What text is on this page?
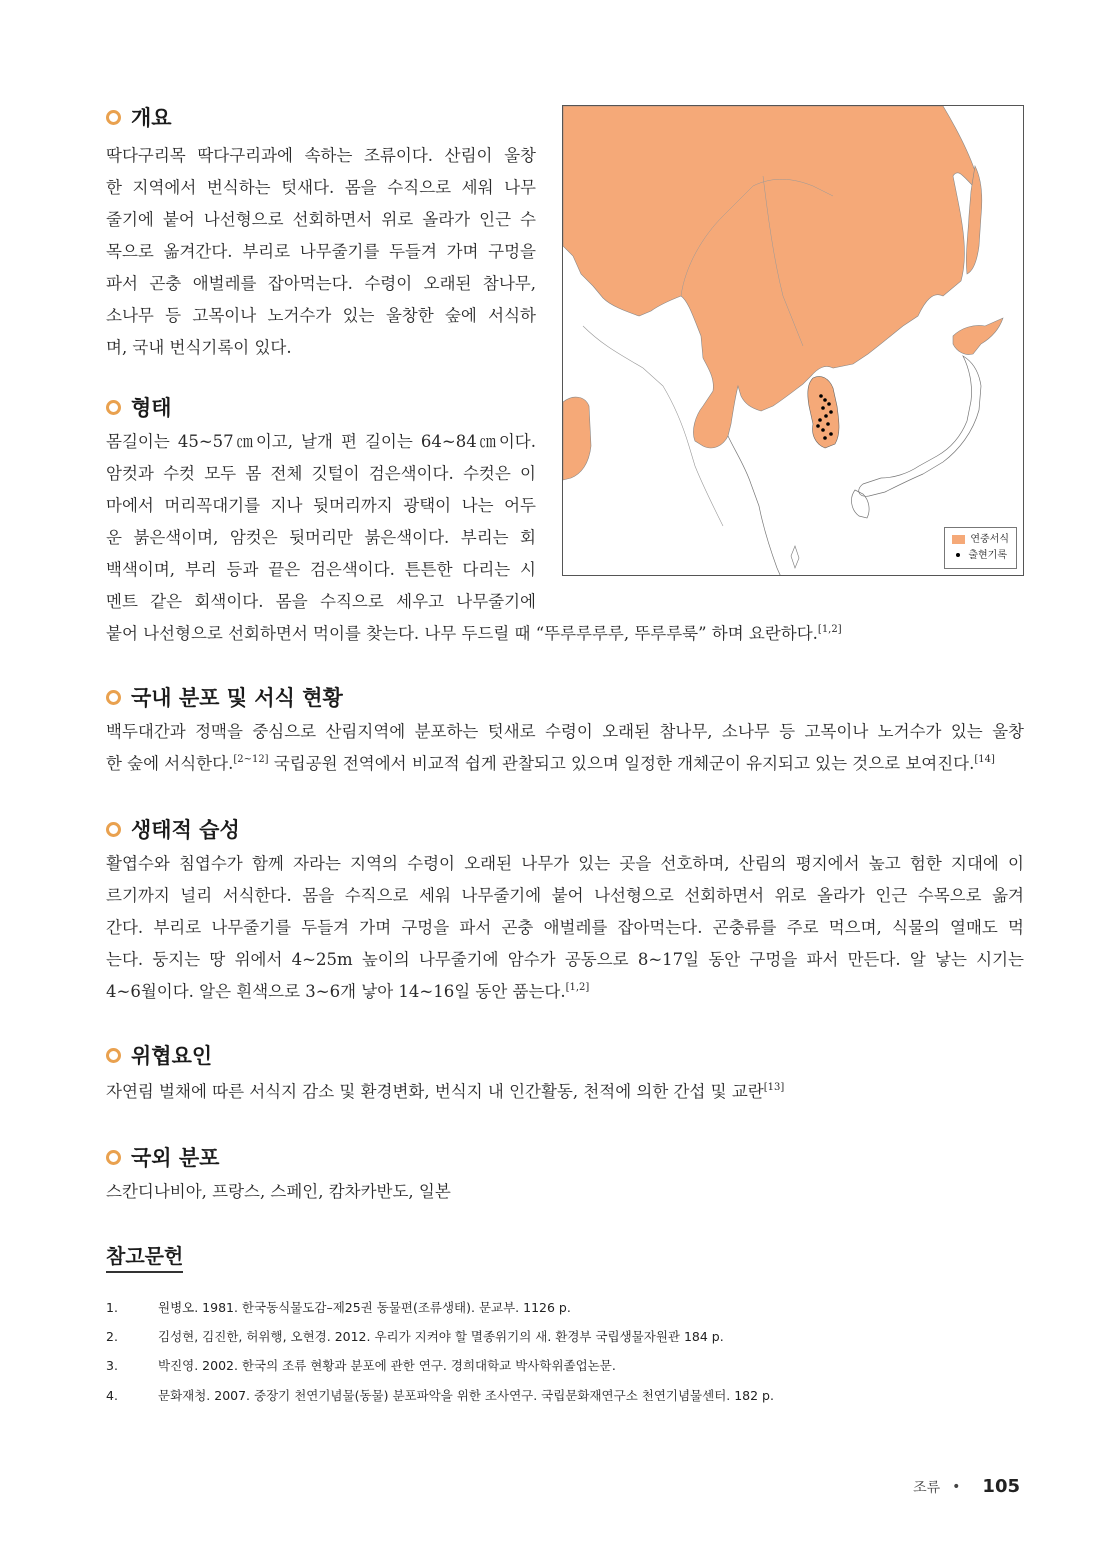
개요
딱다구리목 딱다구리과에 속하는 조류이다. 산림이 울창
한 지역에서 번식하는 텃새다. 몸을 수직으로 세워 나무
줄기에 붙어 나선형으로 선회하면서 위로 올라가 인근 수
목으로 옮겨간다. 부리로 나무줄기를 두들겨 가며 구멍을
파서 곤충 애벌레를 잡아먹는다. 수령이 오래된 참나무,
소나무 등 고목이나 노거수가 있는 울창한 숲에 서식하
며, 국내 번식기록이 있다.
형태
몸길이는 45~57㎝이고, 날개 편 길이는 64~84㎝이다.
암컷과 수컷 모두 몸 전체 깃털이 검은색이다. 수컷은 이
마에서 머리꼭대기를 지나 뒷머리까지 광택이 나는 어두
운 붉은색이며, 암컷은 뒷머리만 붉은색이다. 부리는 회
백색이며, 부리 등과 끝은 검은색이다. 튼튼한 다리는 시
멘트 같은 회색이다. 몸을 수직으로 세우고 나무줄기에
붙어 나선형으로 선회하면서 먹이를 찾는다. 나무 두드릴 때 “뚜루루루루, 뚜루루룩” 하며 요란하다.[1,2]
연중서식
출현기록
국내 분포 및 서식 현황
백두대간과 정맥을 중심으로 산림지역에 분포하는 텃새로 수령이 오래된 참나무, 소나무 등 고목이나 노거수가 있는 울창
한 숲에 서식한다.[2~12] 국립공원 전역에서 비교적 쉽게 관찰되고 있으며 일정한 개체군이 유지되고 있는 것으로 보여진다.[14]
생태적 습성
활엽수와 침엽수가 함께 자라는 지역의 수령이 오래된 나무가 있는 곳을 선호하며, 산림의 평지에서 높고 험한 지대에 이
르기까지 널리 서식한다. 몸을 수직으로 세워 나무줄기에 붙어 나선형으로 선회하면서 위로 올라가 인근 수목으로 옮겨
간다. 부리로 나무줄기를 두들겨 가며 구멍을 파서 곤충 애벌레를 잡아먹는다. 곤충류를 주로 먹으며, 식물의 열매도 먹
는다. 둥지는 땅 위에서 4~25m 높이의 나무줄기에 암수가 공동으로 8~17일 동안 구멍을 파서 만든다. 알 낳는 시기는
4~6월이다. 알은 흰색으로 3~6개 낳아 14~16일 동안 품는다.[1,2]
위협요인
자연림 벌채에 따른 서식지 감소 및 환경변화, 번식지 내 인간활동, 천적에 의한 간섭 및 교란[13]
국외 분포
스칸디나비아, 프랑스, 스페인, 캄차카반도, 일본
참고문헌
1.	원병오. 1981. 한국동식물도감–제25권 동물편(조류생태). 문교부. 1126 p.
2.	김성현, 김진한, 허위행, 오현경. 2012. 우리가 지켜야 할 멸종위기의 새. 환경부 국립생물자원관 184 p.
3.	박진영. 2002. 한국의 조류 현황과 분포에 관한 연구. 경희대학교 박사학위졸업논문.
4.	문화재청. 2007. 중장기 천연기념물(동물) 분포파악을 위한 조사연구. 국립문화재연구소 천연기념물센터. 182 p.
조류 • 105
